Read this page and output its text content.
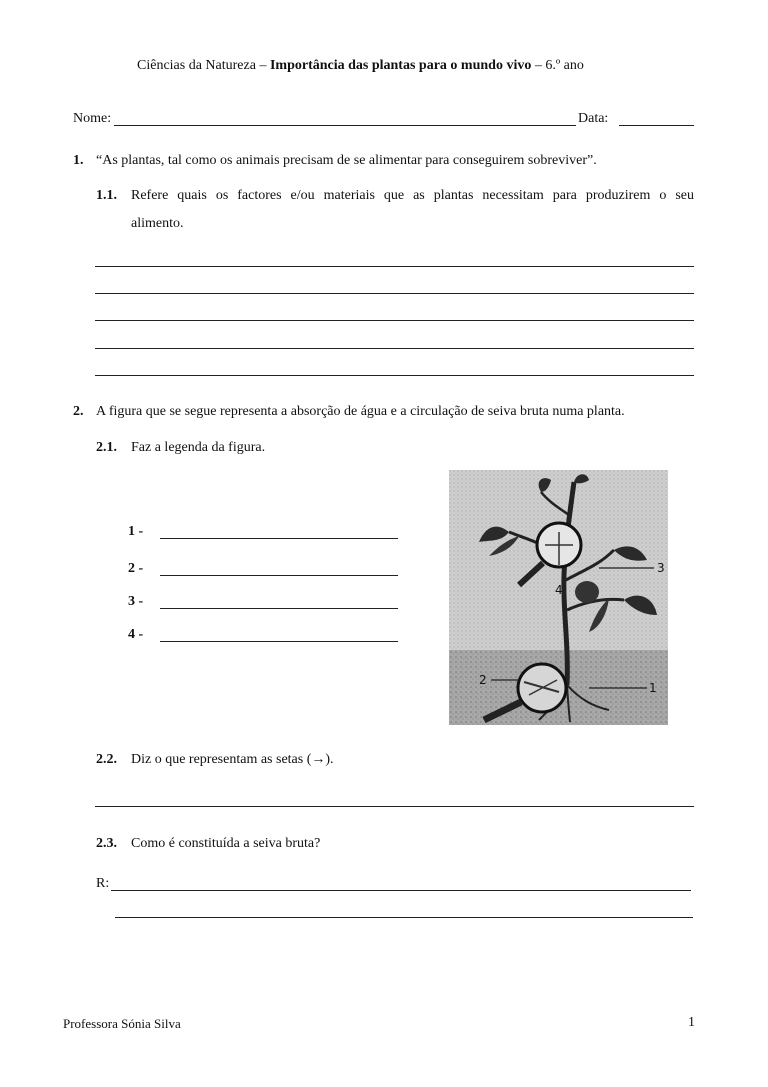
Ciências da Natureza – Importância das plantas para o mundo vivo – 6.º ano
Nome:	Data:
1. “As plantas, tal como os animais precisam de se alimentar para conseguirem sobreviver”.
1.1. Refere quais os factores e/ou materiais que as plantas necessitam para produzirem o seu
alimento.
2. A figura que se segue representa a absorção de água e a circulação de seiva bruta numa planta.
2.1. Faz a legenda da figura.
1 -
2 -
3 -
4 -
3
1
2
4
2.2. Diz o que representam as setas (→).
2.3. Como é constituída a seiva bruta?
R:
Professora Sónia Silva	1
